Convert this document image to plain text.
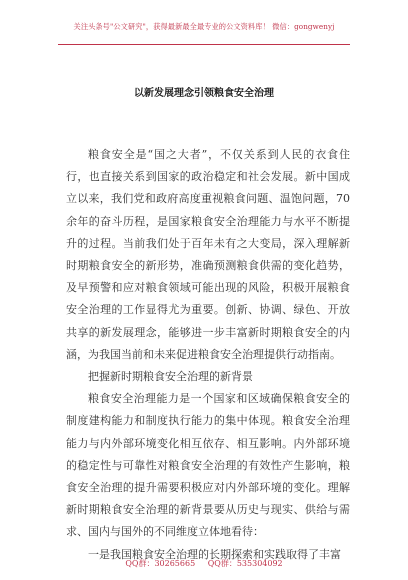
关注头条号"公文研究"，获得最新最全最专业的公文资料库！ 微信：gongwenyj
以新发展理念引领粮食安全治理

粮食安全是“国之大者”，不仅关系到人民的衣食住行，也直接关系到国家的政治稳定和社会发展。新中国成立以来，我们党和政府高度重视粮食问题、温饱问题，70余年的奋斗历程，是国家粮食安全治理能力与水平不断提升的过程。当前我们处于百年未有之大变局，深入理解新时期粮食安全的新形势，准确预测粮食供需的变化趋势，及早预警和应对粮食领域可能出现的风险，积极开展粮食安全治理的工作显得尤为重要。创新、协调、绿色、开放共享的新发展理念，能够进一步丰富新时期粮食安全的内涵，为我国当前和未来促进粮食安全治理提供行动指南。

把握新时期粮食安全治理的新背景

粮食安全治理能力是一个国家和区域确保粮食安全的制度建构能力和制度执行能力的集中体现。粮食安全治理能力与内外部环境变化相互依存、相互影响。内外部环境的稳定性与可靠性对粮食安全治理的有效性产生影响，粮食安全治理的提升需要积极应对内外部环境的变化。理解新时期粮食安全治理的新背景要从历史与现实、供给与需求、国内与国外的不同维度立体地看待：

一是我国粮食安全治理的长期探索和实践取得了丰富

QQ群：30265665 QQ群：535304092
